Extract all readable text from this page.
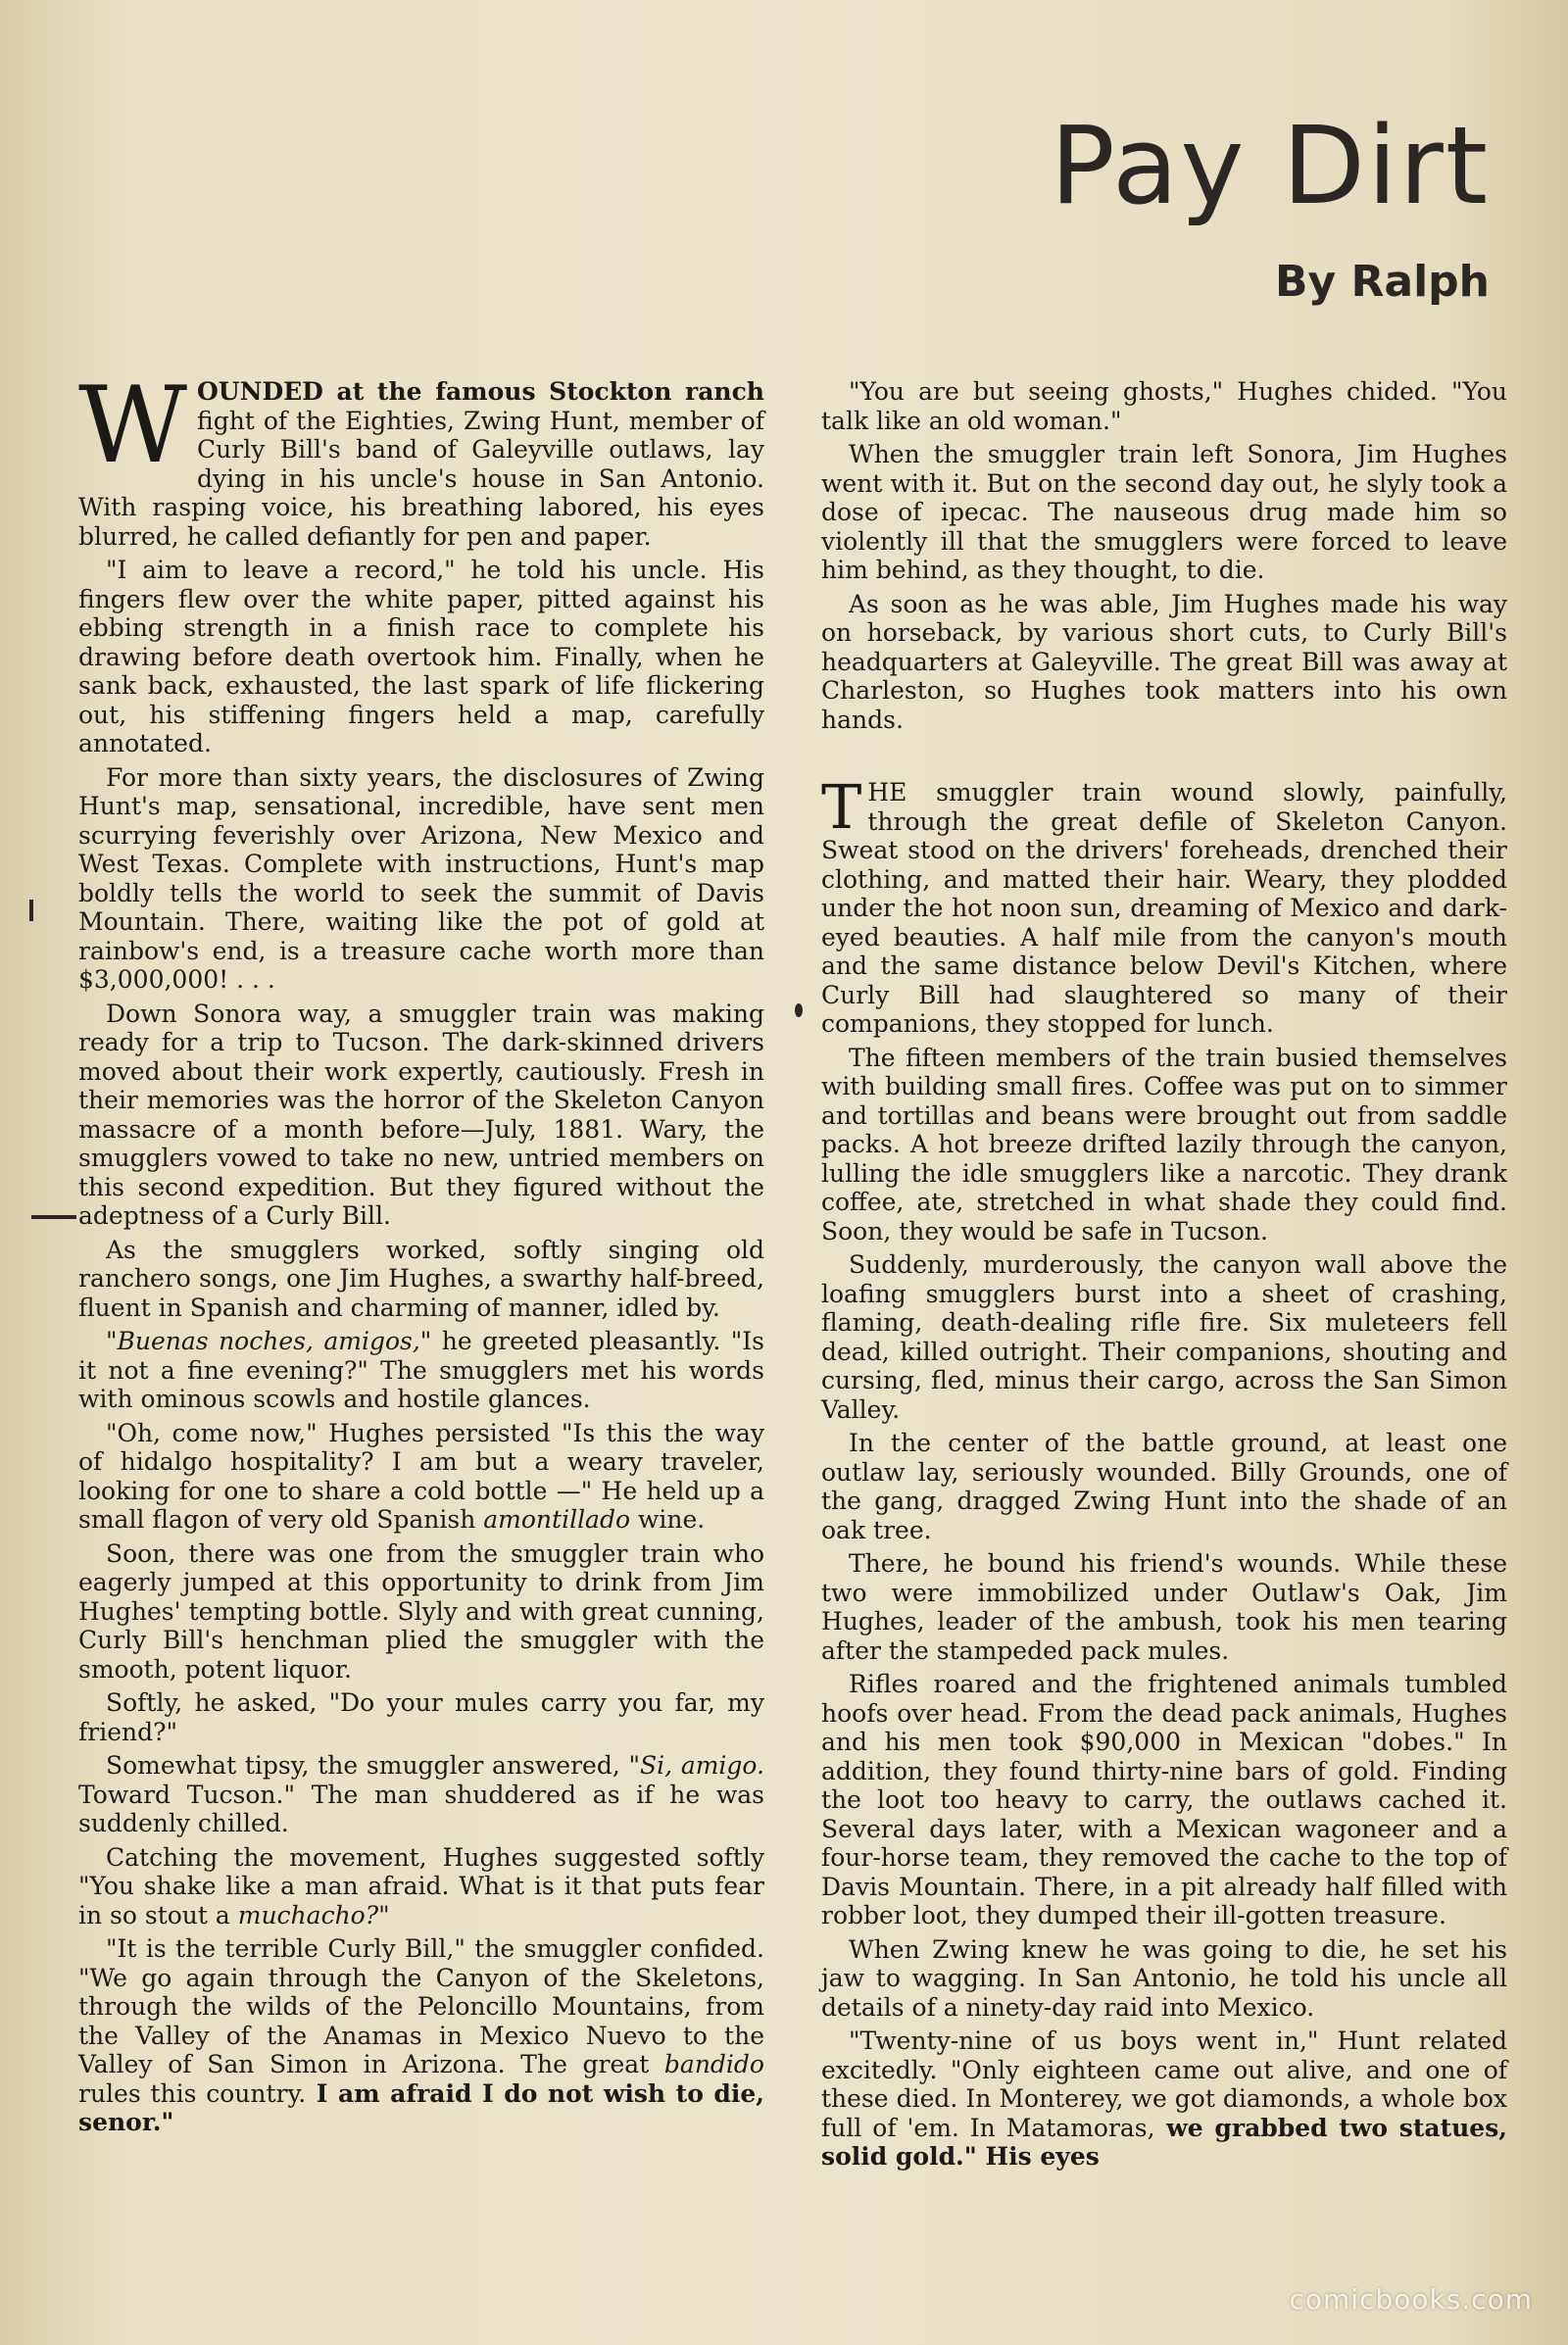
Pay Dirt
By Ralph

WOUNDED at the famous Stockton ranch fight of the Eighties, Zwing Hunt, member of Curly Bill's band of Galeyville outlaws, lay dying in his uncle's house in San Antonio. With rasping voice, his breathing labored, his eyes blurred, he called defiantly for pen and paper.

"I aim to leave a record," he told his uncle. His fingers flew over the white paper, pitted against his ebbing strength in a finish race to complete his drawing before death overtook him. Finally, when he sank back, exhausted, the last spark of life flickering out, his stiffening fingers held a map, carefully annotated.

For more than sixty years, the disclosures of Zwing Hunt's map, sensational, incredible, have sent men scurrying feverishly over Arizona, New Mexico and West Texas. Complete with instructions, Hunt's map boldly tells the world to seek the summit of Davis Mountain. There, waiting like the pot of gold at rainbow's end, is a treasure cache worth more than $3,000,000! . . .

Down Sonora way, a smuggler train was making ready for a trip to Tucson. The dark-skinned drivers moved about their work expertly, cautiously. Fresh in their memories was the horror of the Skeleton Canyon massacre of a month before—July, 1881. Wary, the smugglers vowed to take no new, untried members on this second expedition. But they figured without the adeptness of a Curly Bill.

As the smugglers worked, softly singing old ranchero songs, one Jim Hughes, a swarthy half-breed, fluent in Spanish and charming of manner, idled by.

"Buenas noches, amigos," he greeted pleasantly. "Is it not a fine evening?" The smugglers met his words with ominous scowls and hostile glances.

"Oh, come now," Hughes persisted "Is this the way of hidalgo hospitality? I am but a weary traveler, looking for one to share a cold bottle —" He held up a small flagon of very old Spanish amontillado wine.

Soon, there was one from the smuggler train who eagerly jumped at this opportunity to drink from Jim Hughes' tempting bottle. Slyly and with great cunning, Curly Bill's henchman plied the smuggler with the smooth, potent liquor.

Softly, he asked, "Do your mules carry you far, my friend?"

Somewhat tipsy, the smuggler answered, "Si, amigo. Toward Tucson." The man shuddered as if he was suddenly chilled.

Catching the movement, Hughes suggested softly "You shake like a man afraid. What is it that puts fear in so stout a muchacho?"

"It is the terrible Curly Bill," the smuggler confided. "We go again through the Canyon of the Skeletons, through the wilds of the Peloncillo Mountains, from the Valley of the Anamas in Mexico Nuevo to the Valley of San Simon in Arizona. The great bandido rules this country. I am afraid I do not wish to die, senor."

"You are but seeing ghosts," Hughes chided. "You talk like an old woman."

When the smuggler train left Sonora, Jim Hughes went with it. But on the second day out, he slyly took a dose of ipecac. The nauseous drug made him so violently ill that the smugglers were forced to leave him behind, as they thought, to die.

As soon as he was able, Jim Hughes made his way on horseback, by various short cuts, to Curly Bill's headquarters at Galeyville. The great Bill was away at Charleston, so Hughes took matters into his own hands.

THE smuggler train wound slowly, painfully, through the great defile of Skeleton Canyon. Sweat stood on the drivers' foreheads, drenched their clothing, and matted their hair. Weary, they plodded under the hot noon sun, dreaming of Mexico and dark-eyed beauties. A half mile from the canyon's mouth and the same distance below Devil's Kitchen, where Curly Bill had slaughtered so many of their companions, they stopped for lunch.

The fifteen members of the train busied themselves with building small fires. Coffee was put on to simmer and tortillas and beans were brought out from saddle packs. A hot breeze drifted lazily through the canyon, lulling the idle smugglers like a narcotic. They drank coffee, ate, stretched in what shade they could find. Soon, they would be safe in Tucson.

Suddenly, murderously, the canyon wall above the loafing smugglers burst into a sheet of crashing, flaming, death-dealing rifle fire. Six muleteers fell dead, killed outright. Their companions, shouting and cursing, fled, minus their cargo, across the San Simon Valley.

In the center of the battle ground, at least one outlaw lay, seriously wounded. Billy Grounds, one of the gang, dragged Zwing Hunt into the shade of an oak tree.

There, he bound his friend's wounds. While these two were immobilized under Outlaw's Oak, Jim Hughes, leader of the ambush, took his men tearing after the stampeded pack mules.

Rifles roared and the frightened animals tumbled hoofs over head. From the dead pack animals, Hughes and his men took $90,000 in Mexican "dobes." In addition, they found thirty-nine bars of gold. Finding the loot too heavy to carry, the outlaws cached it. Several days later, with a Mexican wagoneer and a four-horse team, they removed the cache to the top of Davis Mountain. There, in a pit already half filled with robber loot, they dumped their ill-gotten treasure.

When Zwing knew he was going to die, he set his jaw to wagging. In San Antonio, he told his uncle all details of a ninety-day raid into Mexico.

"Twenty-nine of us boys went in," Hunt related excitedly. "Only eighteen came out alive, and one of these died. In Monterey, we got diamonds, a whole box full of 'em. In Matamoras, we grabbed two statues, solid gold." His eyes

comicbooks.com
